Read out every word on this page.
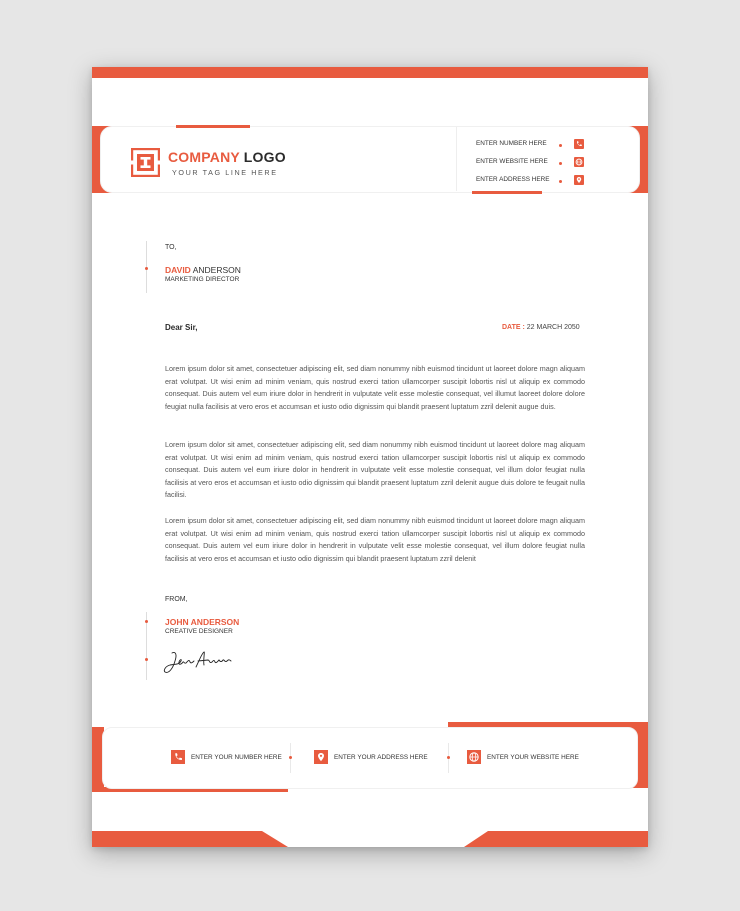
COMPANY LOGO
YOUR TAG LINE HERE
ENTER NUMBER HERE
ENTER WEBSITE HERE
ENTER ADDRESS HERE
TO,
DAVID ANDERSON
MARKETING DIRECTOR
Dear Sir,	DATE : 22 MARCH 2050
Lorem ipsum dolor sit amet, consectetuer adipiscing elit, sed diam nonummy nibh euismod tincidunt ut laoreet dolore magn aliquam erat volutpat. Ut wisi enim ad minim veniam, quis nostrud exerci tation ullamcorper suscipit lobortis nisl ut aliquip ex commodo consequat. Duis autem vel eum iriure dolor in hendrerit in vulputate velit esse molestie consequat, vel illumut laoreet dolore dolore feugiat nulla facilisis at vero eros et accumsan et iusto odio dignissim qui blandit praesent luptatum zzril delenit augue duis.
Lorem ipsum dolor sit amet, consectetuer adipiscing elit, sed diam nonummy nibh euismod tincidunt ut laoreet dolore mag aliquam erat volutpat. Ut wisi enim ad minim veniam, quis nostrud exerci tation ullamcorper suscipit lobortis nisl ut aliquip ex commodo consequat. Duis autem vel eum iriure dolor in hendrerit in vulputate velit esse molestie consequat, vel illum dolor feugiat nulla facilisis at vero eros et accumsan et iusto odio dignissim qui blandit praesent luptatum zzril delenit augue duis dolore te feugait nulla facilisi.
Lorem ipsum dolor sit amet, consectetuer adipiscing elit, sed diam nonummy nibh euismod tincidunt ut laoreet dolore magn aliquam erat volutpat. Ut wisi enim ad minim veniam, quis nostrud exerci tation ullamcorper suscipit lobortis nisl ut aliquip ex commodo consequat. Duis autem vel eum iriure dolor in hendrerit in vulputate velit esse molestie consequat, vel illum dolore feugiat nulla facilisis at vero eros et accumsan et iusto odio dignissim qui blandit praesent luptatum zzril delenit
FROM,
JOHN ANDERSON
CREATIVE DESIGNER
ENTER YOUR NUMBER HERE	ENTER YOUR ADDRESS HERE	ENTER YOUR WEBSITE HERE
